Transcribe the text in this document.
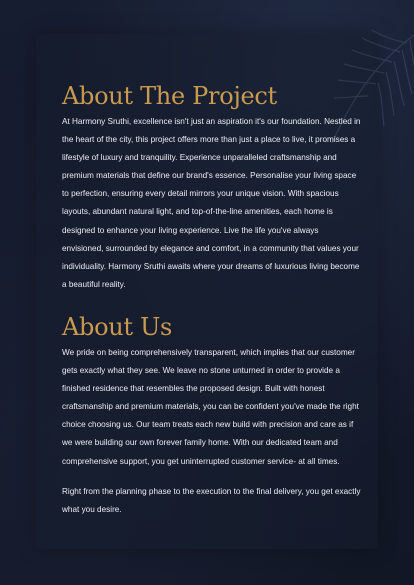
About The Project

At Harmony Sruthi, excellence isn't just an aspiration it's our foundation. Nestled in the heart of the city, this project offers more than just a place to live, it promises a lifestyle of luxury and tranquility. Experience unparalleled craftsmanship and premium materials that define our brand's essence. Personalise your living space to perfection, ensuring every detail mirrors your unique vision. With spacious layouts, abundant natural light, and top-of-the-line amenities, each home is designed to enhance your living experience. Live the life you've always envisioned, surrounded by elegance and comfort, in a community that values your individuality. Harmony Sruthi awaits where your dreams of luxurious living become a beautiful reality.

About Us

We pride on being comprehensively transparent, which implies that our customer gets exactly what they see. We leave no stone unturned in order to provide a finished residence that resembles the proposed design. Built with honest craftsmanship and premium materials, you can be confident you've made the right choice choosing us. Our team treats each new build with precision and care as if we were building our own forever family home. With our dedicated team and comprehensive support, you get uninterrupted customer service- at all times.

Right from the planning phase to the execution to the final delivery, you get exactly what you desire.
